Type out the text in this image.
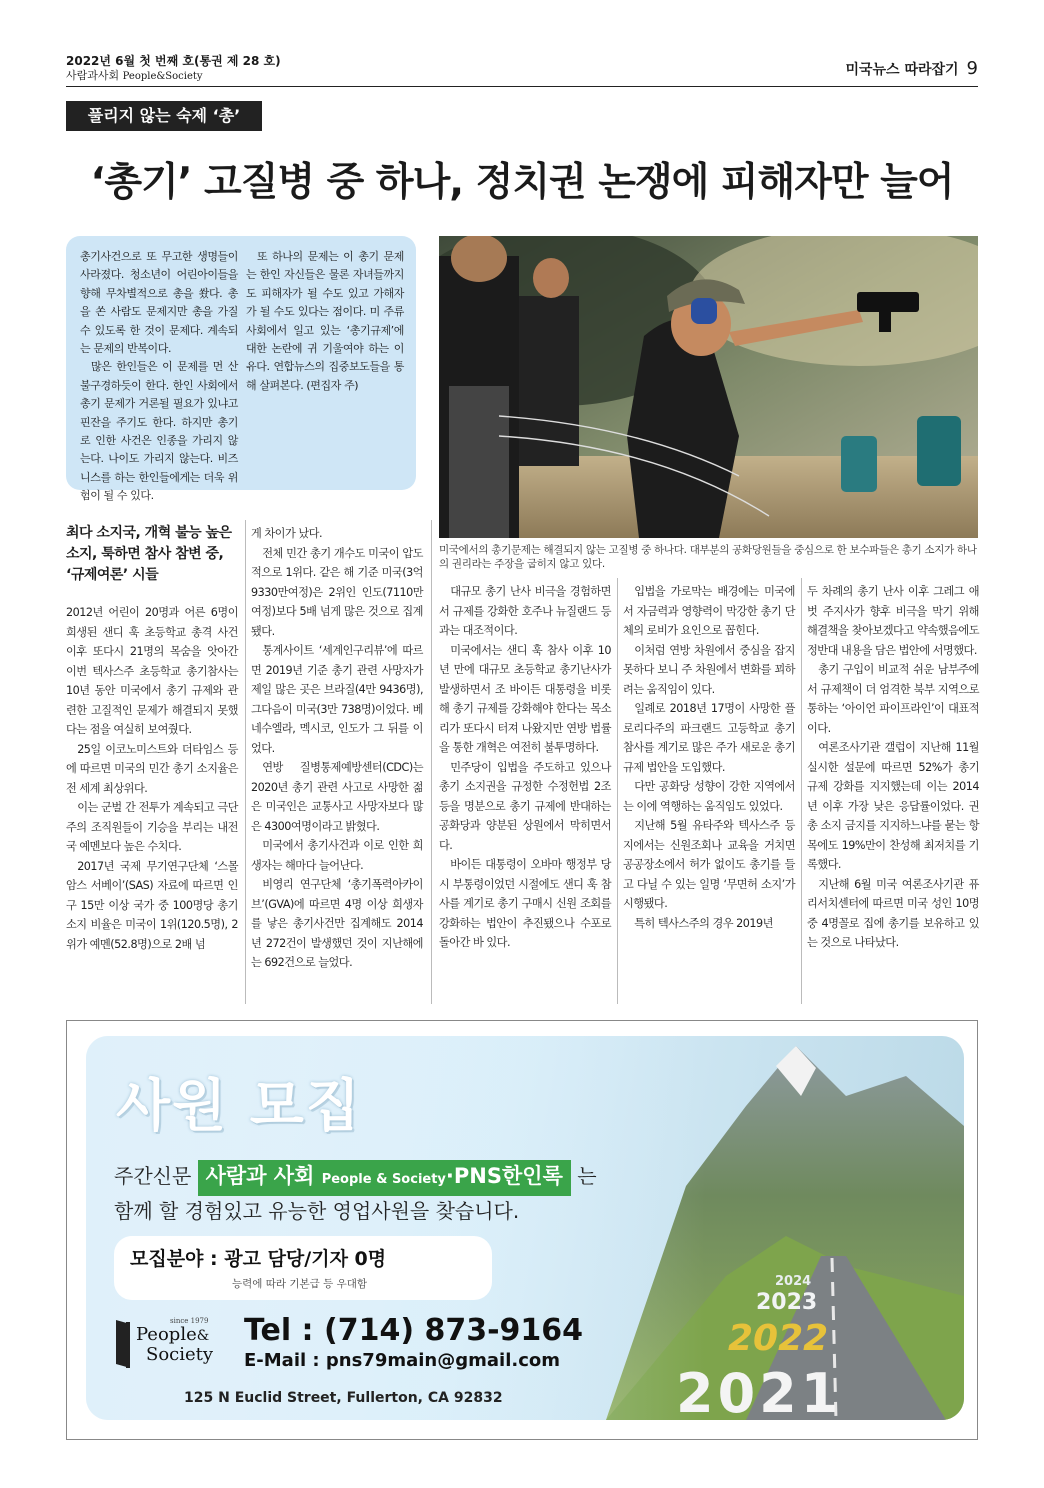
2022년 6월 첫 번째 호(통권 제 28 호)
사람과사회 People&Society	미국뉴스 따라잡기 9
풀리지 않는 숙제 ‘총’
‘총기’ 고질병 중 하나, 정치권 논쟁에 피해자만 늘어

총기사건으로 또 무고한 생명들이 사라졌다. 청소년이 어린아이들을 향해 무차별적으로 총을 쐈다. 총을 쏜 사람도 문제지만 총을 가질 수 있도록 한 것이 문제다. 계속되는 문제의 반복이다.

많은 한인들은 이 문제를 먼 산 불구경하듯이 한다. 한인 사회에서 총기 문제가 거론될 필요가 있냐고 핀잔을 주기도 한다. 하지만 총기로 인한 사건은 인종을 가리지 않는다. 나이도 가리지 않는다. 비즈니스를 하는 한인들에게는 더욱 위험이 될 수 있다.

또 하나의 문제는 이 총기 문제는 한인 자신들은 물론 자녀들까지도 피해자가 될 수도 있고 가해자가 될 수도 있다는 점이다. 미 주류사회에서 일고 있는 ‘총기규제’에 대한 논란에 귀 기울여야 하는 이유다. 연합뉴스의 집중보도들을 통해 살펴본다. (편집자 주)

미국에서의 총기문제는 해결되지 않는 고질병 중 하나다. 대부분의 공화당원들을 중심으로 한 보수파들은 총기 소지가 하나의 권리라는 주장을 굽히지 않고 있다.
최다 소지국, 개혁 불능 높은 소지, 툭하면 참사 참변 중, ‘규제여론’ 시들

2012년 어린이 20명과 어른 6명이 희생된 샌디 훅 초등학교 총격 사건 이후 또다시 21명의 목숨을 앗아간 이번 텍사스주 초등학교 총기참사는 10년 동안 미국에서 총기 규제와 관련한 고질적인 문제가 해결되지 못했다는 점을 여실히 보여줬다.

25일 이코노미스트와 더타임스 등에 따르면 미국의 민간 총기 소지율은 전 세계 최상위다.

이는 군벌 간 전투가 계속되고 극단주의 조직원들이 기승을 부리는 내전국 예멘보다 높은 수치다.

2017년 국제 무기연구단체 ‘스몰 암스 서베이’(SAS) 자료에 따르면 인구 15만 이상 국가 중 100명당 총기 소지 비율은 미국이 1위(120.5명), 2위가 예멘(52.8명)으로 2배 넘

게 차이가 났다.

전체 민간 총기 개수도 미국이 압도적으로 1위다. 같은 해 기준 미국(3억 9330만여정)은 2위인 인도(7110만여정)보다 5배 넘게 많은 것으로 집계됐다.

통계사이트 ‘세계인구리뷰’에 따르면 2019년 기준 총기 관련 사망자가 제일 많은 곳은 브라질(4만 9436명), 그다음이 미국(3만 738명)이었다. 베네수엘라, 멕시코, 인도가 그 뒤를 이었다.

연방 질병통제예방센터(CDC)는 2020년 총기 관련 사고로 사망한 젊은 미국인은 교통사고 사망자보다 많은 4300여명이라고 밝혔다.

미국에서 총기사건과 이로 인한 희생자는 해마다 늘어난다.

비영리 연구단체 ‘총기폭력아카이브’(GVA)에 따르면 4명 이상 희생자를 낳은 총기사건만 집계해도 2014년 272건이 발생했던 것이 지난해에는 692건으로 늘었다.

대규모 총기 난사 비극을 경험하면서 규제를 강화한 호주나 뉴질랜드 등과는 대조적이다.

미국에서는 샌디 훅 참사 이후 10년 만에 대규모 초등학교 총기난사가 발생하면서 조 바이든 대통령을 비롯해 총기 규제를 강화해야 한다는 목소리가 또다시 터져 나왔지만 연방 법률을 통한 개혁은 여전히 불투명하다.

민주당이 입법을 주도하고 있으나 총기 소지권을 규정한 수정헌법 2조 등을 명분으로 총기 규제에 반대하는 공화당과 양분된 상원에서 막히면서다.

바이든 대통령이 오바마 행정부 당시 부통령이었던 시절에도 샌디 훅 참사를 계기로 총기 구매시 신원 조회를 강화하는 법안이 추진됐으나 수포로 돌아간 바 있다.

입법을 가로막는 배경에는 미국에서 자금력과 영향력이 막강한 총기 단체의 로비가 요인으로 꼽힌다.

이처럼 연방 차원에서 중심을 잡지 못하다 보니 주 차원에서 변화를 꾀하려는 움직임이 있다.

일례로 2018년 17명이 사망한 플로리다주의 파크랜드 고등학교 총기참사를 계기로 많은 주가 새로운 총기 규제 법안을 도입했다.

다만 공화당 성향이 강한 지역에서는 이에 역행하는 움직임도 있었다.

지난해 5월 유타주와 텍사스주 등지에서는 신원조회나 교육을 거치면 공공장소에서 허가 없이도 총기를 들고 다닐 수 있는 일명 ‘무면허 소지’가 시행됐다.

특히 텍사스주의 경우 2019년

두 차례의 총기 난사 이후 그레그 애벗 주지사가 향후 비극을 막기 위해 해결책을 찾아보겠다고 약속했음에도 정반대 내용을 담은 법안에 서명했다.

총기 구입이 비교적 쉬운 남부주에서 규제책이 더 엄격한 북부 지역으로 통하는 ‘아이언 파이프라인’이 대표적이다.

여론조사기관 갤럽이 지난해 11월 실시한 설문에 따르면 52%가 총기 규제 강화를 지지했는데 이는 2014년 이후 가장 낮은 응답률이었다. 권총 소지 금지를 지지하느냐를 묻는 항목에도 19%만이 찬성해 최저치를 기록했다.

지난해 6월 미국 여론조사기관 퓨리서치센터에 따르면 미국 성인 10명 중 4명꼴로 집에 총기를 보유하고 있는 것으로 나타났다.

2024
2023
2022
2021
사원 모집
주간신문 사람과 사회 People & Society·PNS한인록 는
함께 할 경험있고 유능한 영업사원을 찾습니다.
모집분야 : 광고 담당/기자 0명
능력에 따라 기본급 등 우대함
since 1979
People&
Society
Tel : (714) 873-9164
E-Mail : pns79main@gmail.com
125 N Euclid Street, Fullerton, CA 92832
